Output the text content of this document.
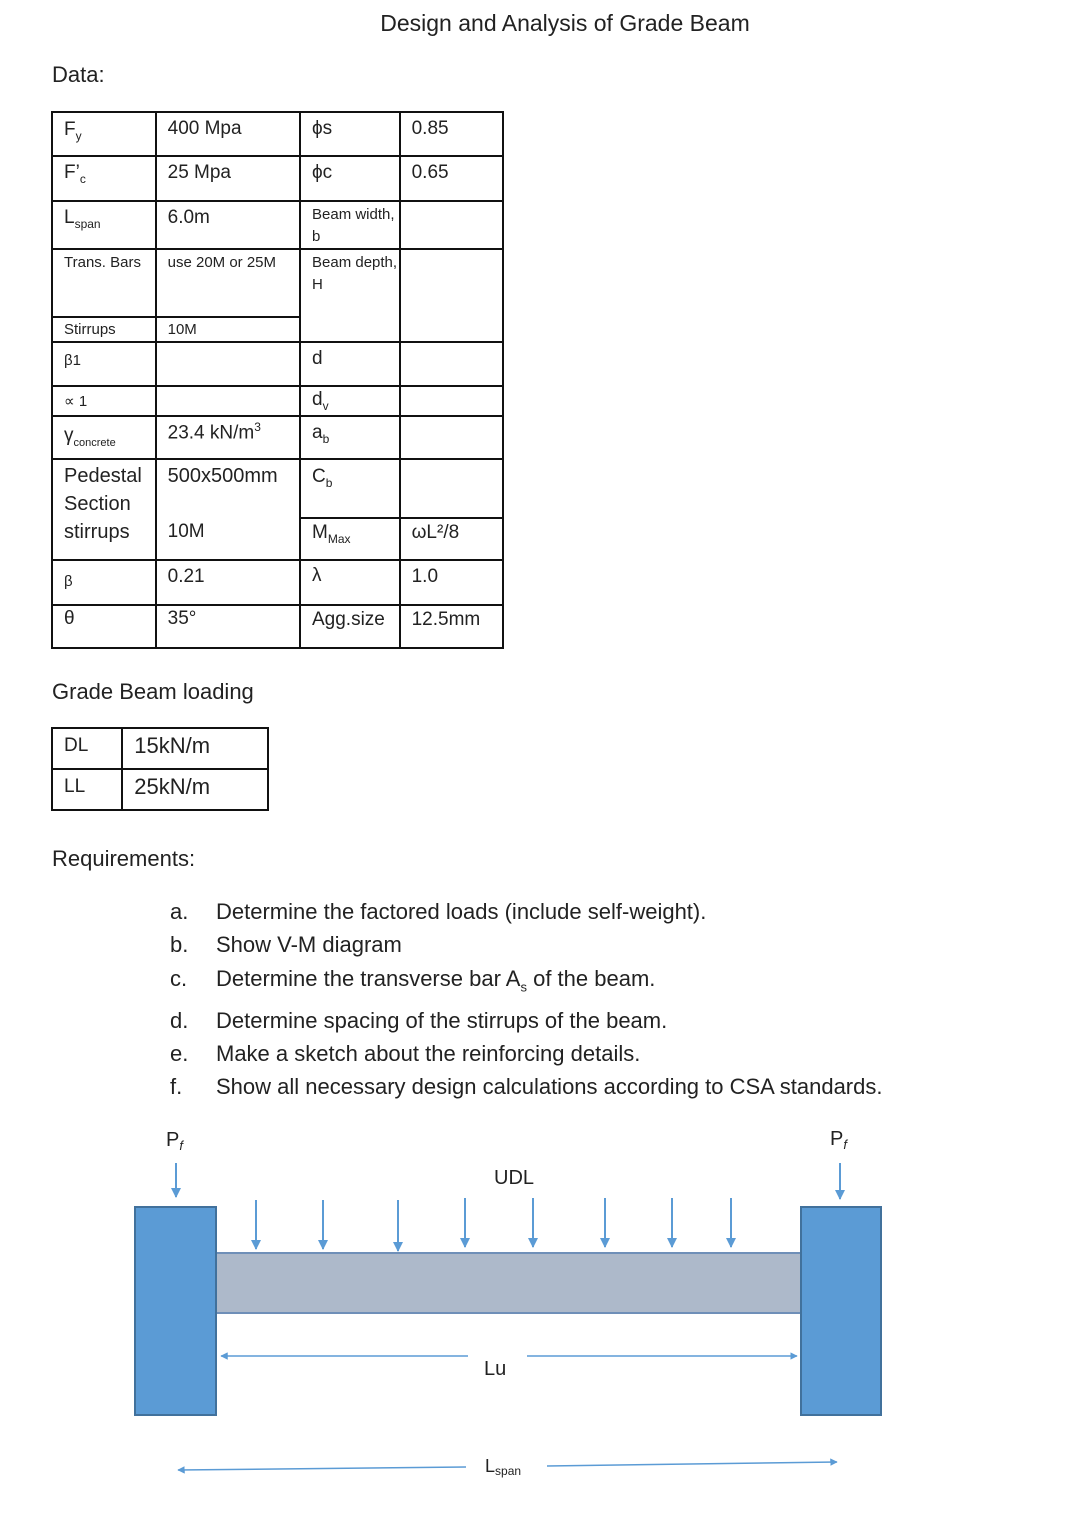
Design and Analysis of Grade Beam
Data:
$F_y$	400 Mpa	ϕs	0.85
$F’_c$	25 Mpa	ϕc	0.65
$L_{span}$	6.0m	Beam width, b	
Trans. Bars	use 20M or 25M	Beam depth, H	
Stirrups	10M		
β1		d	
∝ 1		$d_v$	
$\gamma_{concrete}$	23.4 $kN/m^3$	$a_b$	
Pedestal Section	500x500mm	$C_b$	
stirrups	10M	$M_{Max}$	ωL²/8
β	0.21	λ	1.0
θ	35°	Agg.size	12.5mm
Grade Beam loading
DL	15kN/m
LL	25kN/m
Requirements:
a.	Determine the factored loads (include self-weight).
b.	Show V-M diagram
c.	Determine the transverse bar $A_s$ of the beam.
d.	Determine spacing of the stirrups of the beam.
e.	Make a sketch about the reinforcing details.
f.	Show all necessary design calculations according to CSA standards.
$P_f$	$P_f$
UDL
Lu
Lspan
